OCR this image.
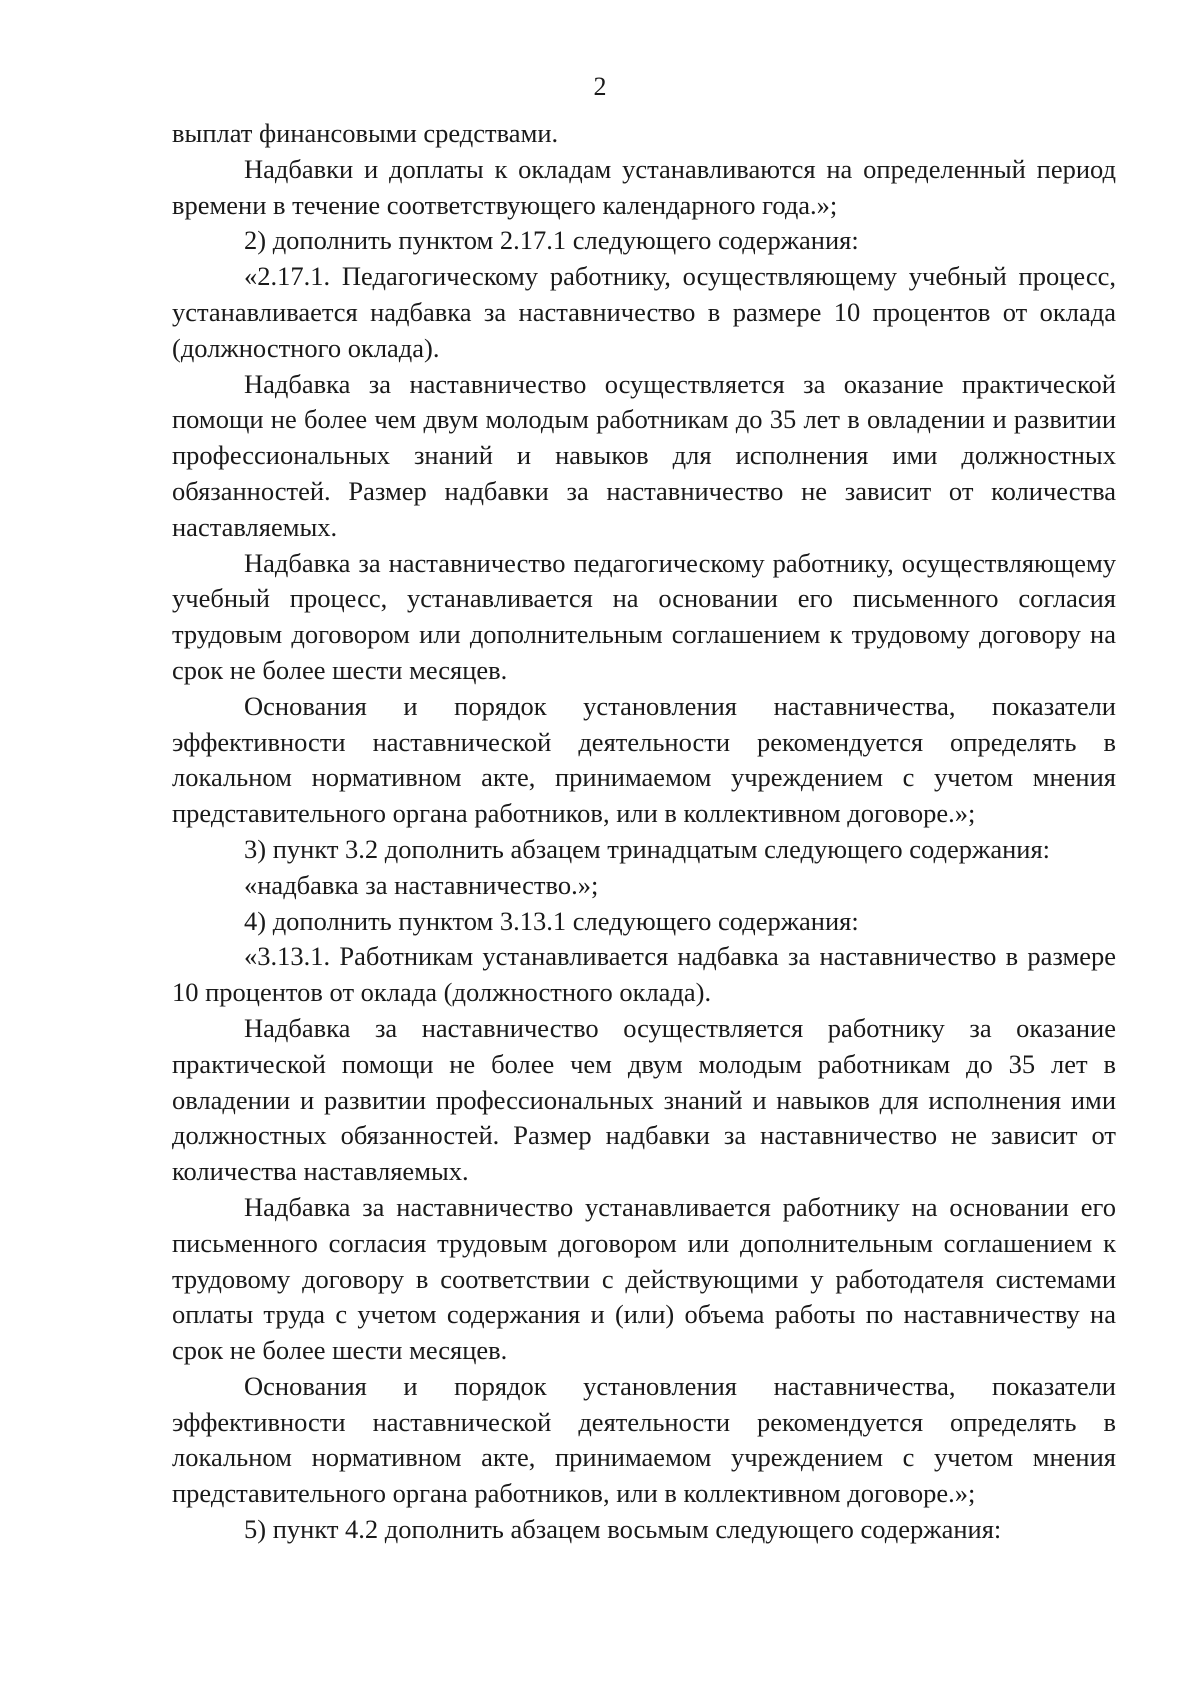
2

выплат финансовыми средствами.

Надбавки и доплаты к окладам устанавливаются на определенный период времени в течение соответствующего календарного года.»;

2) дополнить пунктом 2.17.1 следующего содержания:

«2.17.1. Педагогическому работнику, осуществляющему учебный процесс, устанавливается надбавка за наставничество в размере 10 процентов от оклада (должностного оклада).

Надбавка за наставничество осуществляется за оказание практической помощи не более чем двум молодым работникам до 35 лет в овладении и развитии профессиональных знаний и навыков для исполнения ими должностных обязанностей. Размер надбавки за наставничество не зависит от количества наставляемых.

Надбавка за наставничество педагогическому работнику, осуществляющему учебный процесс, устанавливается на основании его письменного согласия трудовым договором или дополнительным соглашением к трудовому договору на срок не более шести месяцев.

Основания и порядок установления наставничества, показатели эффективности наставнической деятельности рекомендуется определять в локальном нормативном акте, принимаемом учреждением с учетом мнения представительного органа работников, или в коллективном договоре.»;

3) пункт 3.2 дополнить абзацем тринадцатым следующего содержания:

«надбавка за наставничество.»;

4) дополнить пунктом 3.13.1 следующего содержания:

«3.13.1. Работникам устанавливается надбавка за наставничество в размере 10 процентов от оклада (должностного оклада).

Надбавка за наставничество осуществляется работнику за оказание практической помощи не более чем двум молодым работникам до 35 лет в овладении и развитии профессиональных знаний и навыков для исполнения ими должностных обязанностей. Размер надбавки за наставничество не зависит от количества наставляемых.

Надбавка за наставничество устанавливается работнику на основании его письменного согласия трудовым договором или дополнительным соглашением к трудовому договору в соответствии с действующими у работодателя системами оплаты труда с учетом содержания и (или) объема работы по наставничеству на срок не более шести месяцев.

Основания и порядок установления наставничества, показатели эффективности наставнической деятельности рекомендуется определять в локальном нормативном акте, принимаемом учреждением с учетом мнения представительного органа работников, или в коллективном договоре.»;

5) пункт 4.2 дополнить абзацем восьмым следующего содержания:
